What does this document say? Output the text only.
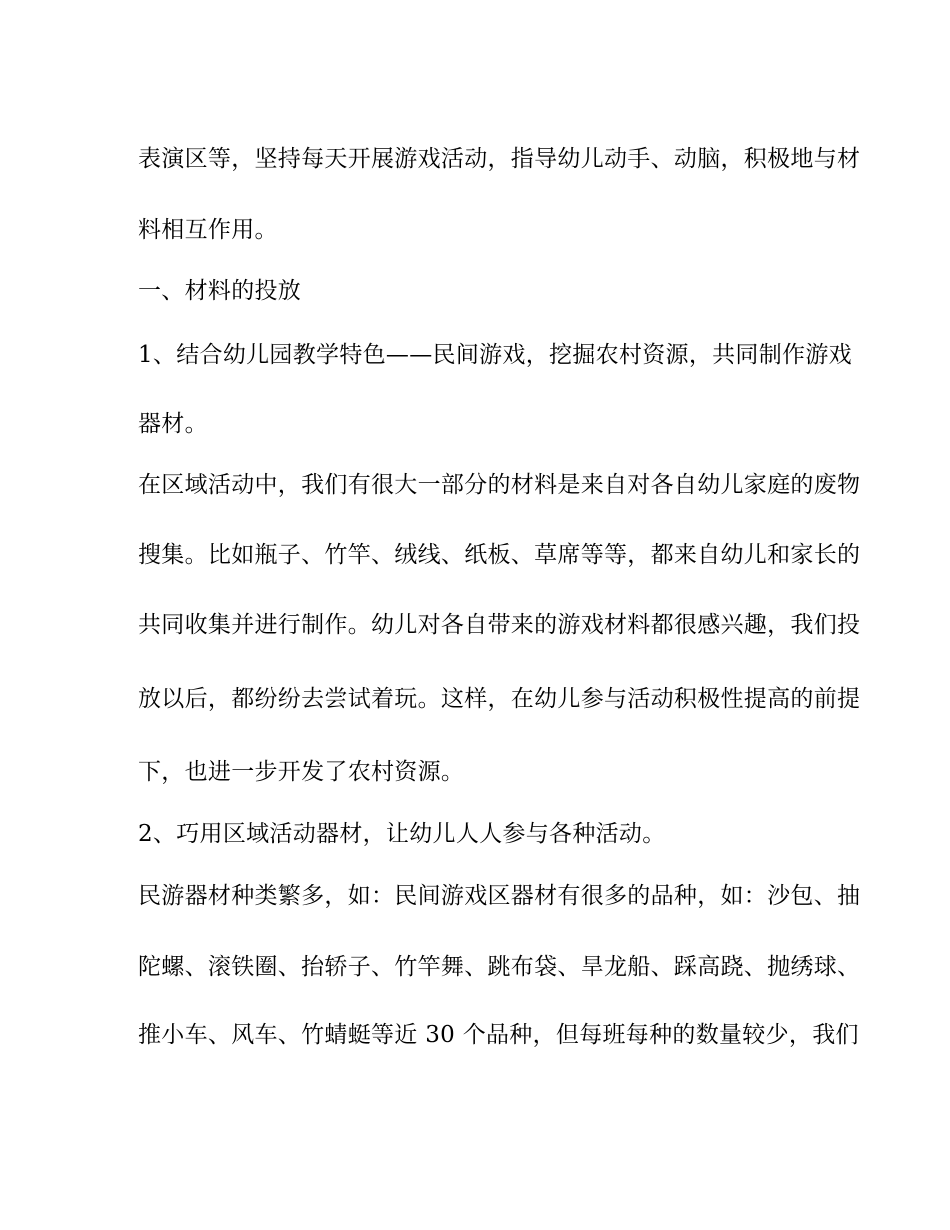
表演区等，坚持每天开展游戏活动，指导幼儿动手、动脑，积极地与材
料相互作用。
一、材料的投放
1、结合幼儿园教学特色——民间游戏，挖掘农村资源，共同制作游戏
器材。
在区域活动中，我们有很大一部分的材料是来自对各自幼儿家庭的废物
搜集。比如瓶子、竹竿、绒线、纸板、草席等等，都来自幼儿和家长的
共同收集并进行制作。幼儿对各自带来的游戏材料都很感兴趣，我们投
放以后，都纷纷去尝试着玩。这样，在幼儿参与活动积极性提高的前提
下，也进一步开发了农村资源。
2、巧用区域活动器材，让幼儿人人参与各种活动。
民游器材种类繁多，如：民间游戏区器材有很多的品种，如：沙包、抽
陀螺、滚铁圈、抬轿子、竹竿舞、跳布袋、旱龙船、踩高跷、抛绣球、
推小车、风车、竹蜻蜓等近 30 个品种，但每班每种的数量较少，我们
